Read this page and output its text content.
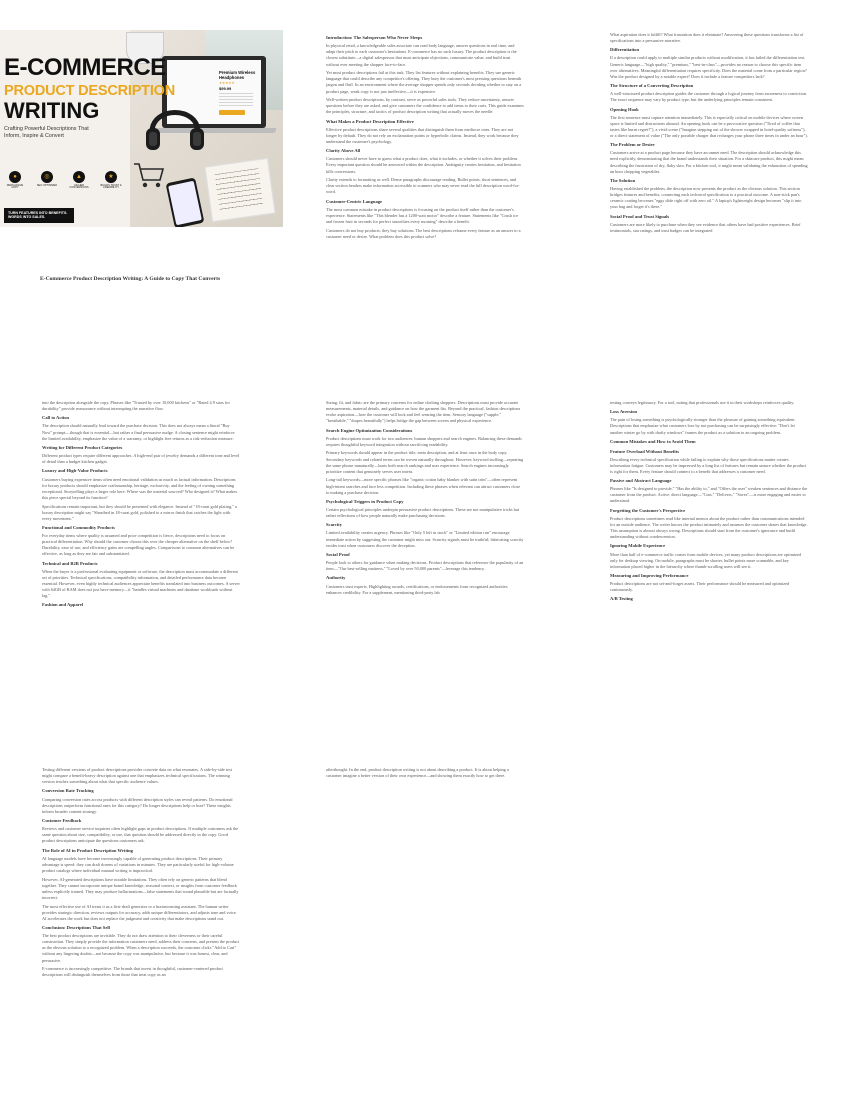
Premium Wireless Headphones
★★★★★
$99.99
E-COMMERCE
PRODUCT DESCRIPTION
WRITING
Crafting Powerful Descriptions That Inform, Inspire & Convert
●
PERSUASIVE COPY
◎
SEO OPTIMIZED
▲
HIGHER CONVERSIONS
★
BUILDS TRUST & CREDIBILITY
TURN FEATURES INTO BENEFITS.
WORDS INTO SALES.
E-Commerce Product Description Writing: A Guide to Copy That Converts
Introduction: The Salesperson Who Never Sleeps

In physical retail, a knowledgeable sales associate can read body language, answer questions in real time, and adapt their pitch to each customer's hesitations. E-commerce has no such luxury. The product description is the closest substitute—a digital salesperson that must anticipate objections, communicate value, and build trust without ever meeting the shopper face-to-face.

Yet most product descriptions fail at this task. They list features without explaining benefits. They use generic language that could describe any competitor's offering. They bury the customer's most pressing questions beneath jargon and fluff. In an environment where the average shopper spends only seconds deciding whether to stay on a product page, weak copy is not just ineffective—it is expensive.

Well-written product descriptions, by contrast, serve as powerful sales tools. They reduce uncertainty, answer questions before they are asked, and give customers the confidence to add items to their carts. This guide examines the principles, structure, and tactics of product description writing that actually moves the needle.

What Makes a Product Description Effective

Effective product descriptions share several qualities that distinguish them from mediocre ones. They are not longer by default. They do not rely on exclamation points or hyperbolic claims. Instead, they work because they understand the customer's psychology.

Clarity Above All

Customers should never have to guess what a product does, what it includes, or whether it solves their problem. Every important question should be answered within the description. Ambiguity creates hesitation, and hesitation kills conversions.

Clarity extends to formatting as well. Dense paragraphs discourage reading. Bullet points, short sentences, and clear section headers make information accessible to scanners who may never read the full description word-for-word.

Customer-Centric Language

The most common mistake in product descriptions is focusing on the product itself rather than the customer's experience. Statements like "This blender has a 1200-watt motor" describe a feature. Statements like "Crush ice and frozen fruit in seconds for perfect smoothies every morning" describe a benefit.

Customers do not buy products; they buy solutions. The best descriptions reframe every feature as an answer to a customer need or desire. What problem does this product solve?

What aspiration does it fulfill? What frustration does it eliminate? Answering these questions transforms a list of specifications into a persuasive narrative.

Differentiation

If a description could apply to multiple similar products without modification, it has failed the differentiation test. Generic language—"high quality," "premium," "best-in-class"—provides no reason to choose this specific item over alternatives. Meaningful differentiation requires specificity. Does the material come from a particular region? Was the product designed by a notable expert? Does it include a feature competitors lack?

The Structure of a Converting Description

A well-structured product description guides the customer through a logical journey from awareness to conviction. The exact sequence may vary by product type, but the underlying principles remain consistent.

Opening Hook

The first sentence must capture attention immediately. This is especially critical on mobile devices where screen space is limited and distractions abound. An opening hook can be a provocative question ("Tired of coffee that tastes like burnt regret?"), a vivid scene ("Imagine stepping out of the shower wrapped in hotel-quality softness"), or a direct statement of value ("The only portable charger that recharges your phone three times in under an hour").

The Problem or Desire

Customers arrive at a product page because they have an unmet need. The description should acknowledge this need explicitly, demonstrating that the brand understands their situation. For a skincare product, this might mean describing the frustration of dry, flaky skin. For a kitchen tool, it might mean validating the exhaustion of spending an hour chopping vegetables.

The Solution

Having established the problem, the description now presents the product as the obvious solution. This section bridges features and benefits, connecting each technical specification to a practical outcome. A non-stick pan's ceramic coating becomes "eggs slide right off with zero oil." A laptop's lightweight design becomes "slip it into your bag and forget it's there."

Social Proof and Trust Signals

Customers are more likely to purchase when they see evidence that others have had positive experiences. Brief testimonials, star ratings, and trust badges can be integrated

into the description alongside the copy. Phrases like "Trusted by over 10,000 kitchens" or "Rated 4.9 stars for durability" provide reassurance without interrupting the narrative flow.

Call to Action

The description should naturally lead toward the purchase decision. This does not always mean a literal "Buy Now" prompt—though that is essential—but rather a final persuasive nudge. A closing sentence might reinforce the limited availability, emphasize the value of a warranty, or highlight free returns as a risk-reduction measure.

Writing for Different Product Categories

Different product types require different approaches. A high-end pair of jewelry demands a different tone and level of detail than a budget kitchen gadget.

Luxury and High-Value Products

Customers buying expensive items often need emotional validation as much as factual information. Descriptions for luxury products should emphasize craftsmanship, heritage, exclusivity, and the feeling of owning something exceptional. Storytelling plays a larger role here. Where was the material sourced? Who designed it? What makes this piece special beyond its function?

Specifications remain important, but they should be presented with elegance. Instead of "18-carat gold plating," a luxury description might say "Sheathed in 18-carat gold, polished to a mirror finish that catches the light with every movement."

Functional and Commodity Products

For everyday items where quality is assumed and price competition is fierce, descriptions need to focus on practical differentiation. Why should the customer choose this over the cheaper alternative on the shelf below? Durability, ease of use, and efficiency gains are compelling angles. Comparisons to common alternatives can be effective, as long as they are fair and substantiated.

Technical and B2B Products

When the buyer is a professional evaluating equipment or software, the description must accommodate a different set of priorities. Technical specifications, compatibility information, and detailed performance data become essential. However, even highly technical audiences appreciate benefits translated into business outcomes. A server with 64GB of RAM does not just have memory—it "handles virtual machines and database workloads without lag."

Fashion and Apparel

Sizing, fit, and fabric are the primary concerns for online clothing shoppers. Descriptions must provide accurate measurements, material details, and guidance on how the garment fits. Beyond the practical, fashion descriptions evoke aspiration—how the customer will look and feel wearing the item. Sensory language ("supple," "breathable," "drapes beautifully") helps bridge the gap between screen and physical experience.

Search Engine Optimization Considerations

Product descriptions must work for two audiences: human shoppers and search engines. Balancing these demands requires thoughtful keyword integration without sacrificing readability.

Primary keywords should appear in the product title, meta description, and at least once in the body copy. Secondary keywords and related terms can be woven naturally throughout. However, keyword stuffing—repeating the same phrase unnaturally—hurts both search rankings and user experience. Search engines increasingly prioritize content that genuinely serves user intent.

Long-tail keywords—more specific phrases like "organic cotton baby blanket with satin trim"—often represent high-intent searches and face less competition. Including these phrases when relevant can attract customers close to making a purchase decision.

Psychological Triggers in Product Copy

Certain psychological principles underpin persuasive product descriptions. These are not manipulative tricks but rather reflections of how people naturally make purchasing decisions.

Scarcity

Limited availability creates urgency. Phrases like "Only 5 left in stock" or "Limited edition run" encourage immediate action by suggesting the customer might miss out. Scarcity signals must be truthful; fabricating scarcity erodes trust when customers discover the deception.

Social Proof

People look to others for guidance when making decisions. Product descriptions that reference the popularity of an item—"Our best-selling mattress," "Loved by over 50,000 parents"—leverage this tendency.

Authority

Customers trust experts. Highlighting awards, certifications, or endorsements from recognized authorities enhances credibility. For a supplement, mentioning third-party lab

testing conveys legitimacy. For a tool, noting that professionals use it in their workshops reinforces quality.

Loss Aversion

The pain of losing something is psychologically stronger than the pleasure of gaining something equivalent. Descriptions that emphasize what customers lose by not purchasing can be surprisingly effective: "Don't let another winter go by with drafty windows" frames the product as a solution to an ongoing problem.

Common Mistakes and How to Avoid Them
Feature Overload Without Benefits

Describing every technical specification while failing to explain why those specifications matter creates information fatigue. Customers may be impressed by a long list of features but remain unsure whether the product is right for them. Every feature should connect to a benefit that addresses a customer need.

Passive and Abstract Language

Phrases like "Is designed to provide," "Has the ability to," and "Offers the user" weaken sentences and distance the customer from the product. Active, direct language—"Cuts," "Delivers," "Saves"—is more engaging and easier to understand.

Forgetting the Customer's Perspective

Product descriptions sometimes read like internal memos about the product rather than communications intended for an outside audience. The writer knows the product intimately and assumes the customer shares that knowledge. This assumption is almost always wrong. Descriptions should start from the customer's ignorance and build understanding without condescension.

Ignoring Mobile Experience

More than half of e-commerce traffic comes from mobile devices, yet many product descriptions are optimized only for desktop viewing. On mobile, paragraphs must be shorter, bullet points more scannable, and key information placed higher in the hierarchy where thumb-scrolling users will see it.

Measuring and Improving Performance

Product descriptions are not set-and-forget assets. Their performance should be measured and optimized continuously.

A/B Testing

Testing different versions of product descriptions provides concrete data on what resonates. A side-by-side test might compare a benefit-heavy description against one that emphasizes technical specifications. The winning version teaches something about what that specific audience values.

Conversion Rate Tracking

Comparing conversion rates across products with different description styles can reveal patterns. Do emotional descriptions outperform functional ones for this category? Do longer descriptions help or hurt? These insights inform broader content strategy.

Customer Feedback

Reviews and customer service inquiries often highlight gaps in product descriptions. If multiple customers ask the same question about size, compatibility, or use, that question should be addressed directly in the copy. Good product descriptions anticipate the questions customers ask.

The Role of AI in Product Description Writing

AI language models have become increasingly capable of generating product descriptions. Their primary advantage is speed: they can draft dozens of variations in minutes. They are particularly useful for high-volume product catalogs where individual manual writing is impractical.

However, AI-generated descriptions have notable limitations. They often rely on generic patterns that blend together. They cannot incorporate unique brand knowledge, seasonal context, or insights from customer feedback unless explicitly trained. They may produce hallucinations—false statements that sound plausible but are factually incorrect.

The most effective use of AI treats it as a first-draft generator or a brainstorming assistant. The human writer provides strategic direction, reviews outputs for accuracy, adds unique differentiators, and adjusts tone and voice. AI accelerates the work but does not replace the judgment and creativity that make descriptions stand out.

Conclusion: Descriptions That Sell

The best product descriptions are invisible. They do not draw attention to their cleverness or their careful construction. They simply provide the information customers need, address their concerns, and present the product as the obvious solution to a recognized problem. When a description succeeds, the customer clicks "Add to Cart" without any lingering doubts—not because the copy was manipulative, but because it was honest, clear, and persuasive.

E-commerce is increasingly competitive. The brands that invest in thoughtful, customer-centered product descriptions will distinguish themselves from those that treat copy as an

afterthought. In the end, product description writing is not about describing a product. It is about helping a customer imagine a better version of their own experience—and showing them exactly how to get there.
